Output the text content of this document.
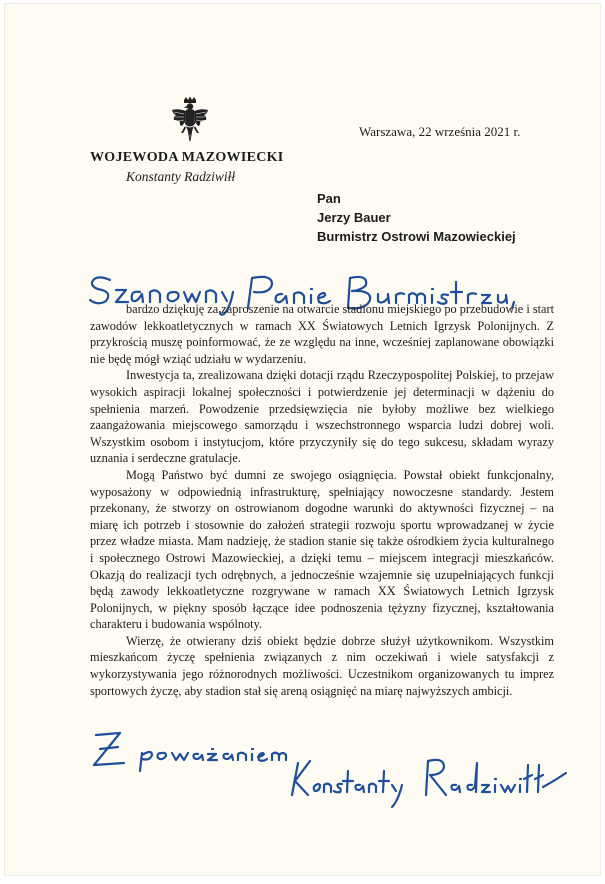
Warszawa, 22 września 2021 r.
WOJEWODA MAZOWIECKI
Konstanty Radziwiłł
Pan
Jerzy Bauer
Burmistrz Ostrowi Mazowieckiej

bardzo dziękuję za zaproszenie na otwarcie stadionu miejskiego po przebudowie i start zawodów lekkoatletycznych w ramach XX Światowych Letnich Igrzysk Polonijnych. Z przykrością muszę poinformować, że ze względu na inne, wcześniej zaplanowane obowiązki nie będę mógł wziąć udziału w wydarzeniu.

Inwestycja ta, zrealizowana dzięki dotacji rządu Rzeczypospolitej Polskiej, to przejaw wysokich aspiracji lokalnej społeczności i potwierdzenie jej determinacji w dążeniu do spełnienia marzeń. Powodzenie przedsięwzięcia nie byłoby możliwe bez wielkiego zaangażowania miejscowego samorządu i wszechstronnego wsparcia ludzi dobrej woli. Wszystkim osobom i instytucjom, które przyczyniły się do tego sukcesu, składam wyrazy uznania i serdeczne gratulacje.

Mogą Państwo być dumni ze swojego osiągnięcia. Powstał obiekt funkcjonalny, wyposażony w odpowiednią infrastrukturę, spełniający nowoczesne standardy. Jestem przekonany, że stworzy on ostrowianom dogodne warunki do aktywności fizycznej – na miarę ich potrzeb i stosownie do założeń strategii rozwoju sportu wprowadzanej w życie przez władze miasta. Mam nadzieję, że stadion stanie się także ośrodkiem życia kulturalnego i społecznego Ostrowi Mazowieckiej, a dzięki temu – miejscem integracji mieszkańców. Okazją do realizacji tych odrębnych, a jednocześnie wzajemnie się uzupełniających funkcji będą zawody lekkoatletyczne rozgrywane w ramach XX Światowych Letnich Igrzysk Polonijnych, w piękny sposób łączące idee podnoszenia tężyzny fizycznej, kształtowania charakteru i budowania wspólnoty.

Wierzę, że otwierany dziś obiekt będzie dobrze służył użytkownikom. Wszystkim mieszkańcom życzę spełnienia związanych z nim oczekiwań i wiele satysfakcji z wykorzystywania jego różnorodnych możliwości. Uczestnikom organizowanych tu imprez sportowych życzę, aby stadion stał się areną osiągnięć na miarę najwyższych ambicji.
